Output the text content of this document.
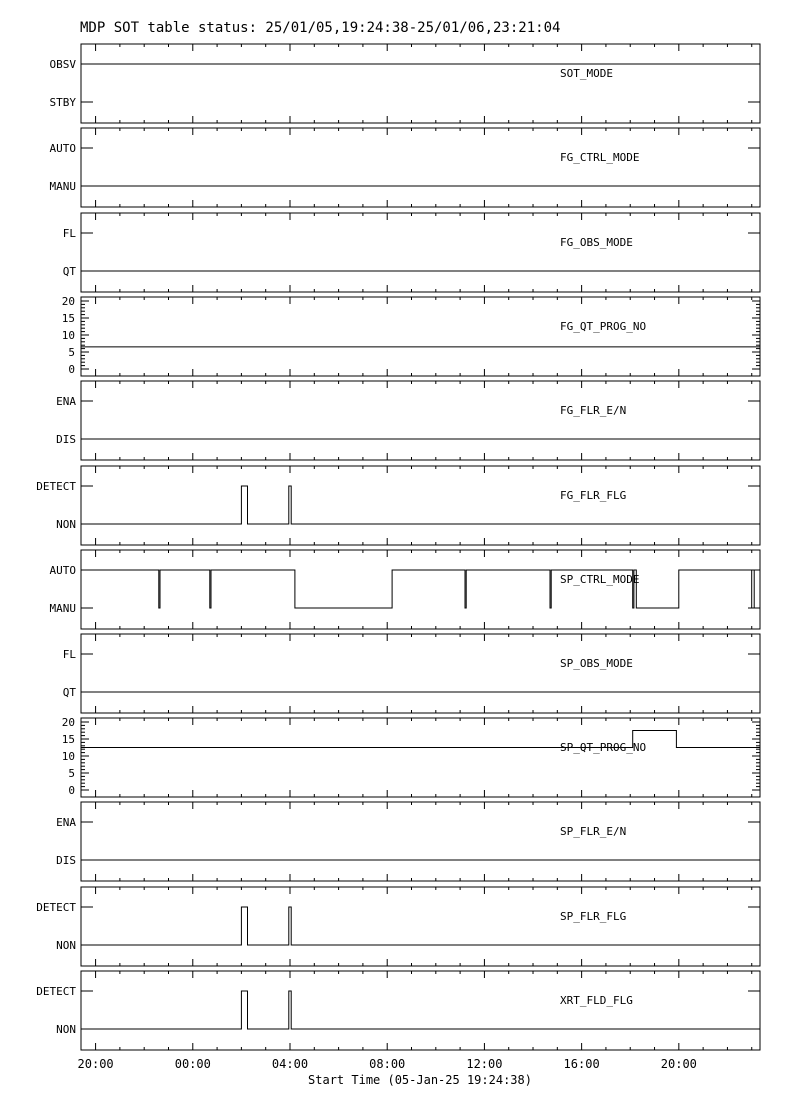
MDP SOT table status: 25/01/05,19:24:38-25/01/06,23:21:04
OBSV
STBY
SOT_MODE
AUTO
MANU
FG_CTRL_MODE
FL
QT
FG_OBS_MODE
20
15
10
5
0
FG_QT_PROG_NO
ENA
DIS
FG_FLR_E/N
DETECT
NON
FG_FLR_FLG
AUTO
MANU
SP_CTRL_MODE
FL
QT
SP_OBS_MODE
20
15
10
5
0
SP_QT_PROG_NO
ENA
DIS
SP_FLR_E/N
DETECT
NON
SP_FLR_FLG
DETECT
NON
XRT_FLD_FLG
20:00	00:00	04:00	08:00	12:00	16:00	20:00
Start Time (05-Jan-25 19:24:38)
